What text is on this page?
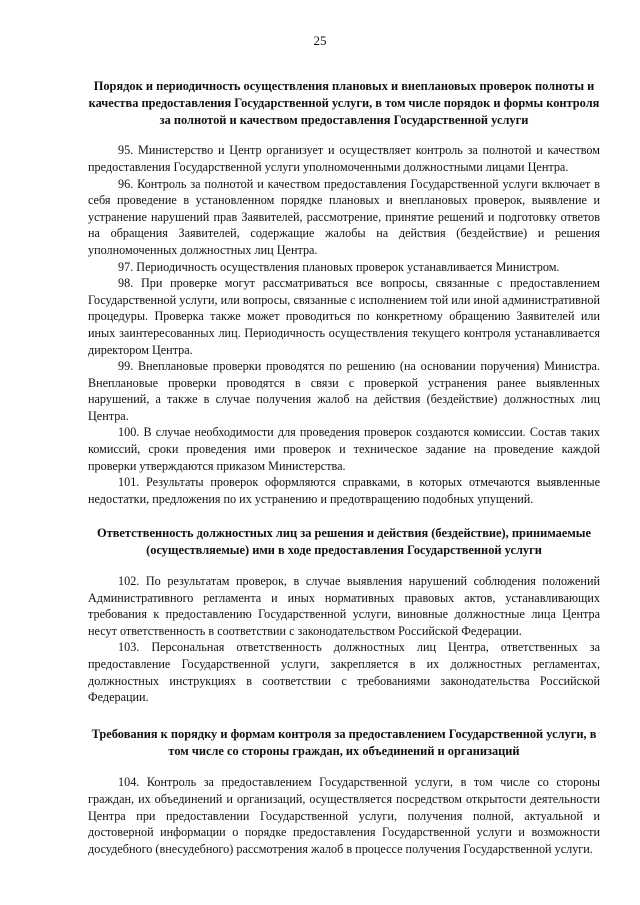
25
Порядок и периодичность осуществления плановых и внеплановых проверок полноты и качества предоставления Государственной услуги, в том числе порядок и формы контроля за полнотой и качеством предоставления Государственной услуги

95. Министерство и Центр организует и осуществляет контроль за полнотой и качеством предоставления Государственной услуги уполномоченными должностными лицами Центра.

96. Контроль за полнотой и качеством предоставления Государственной услуги включает в себя проведение в установленном порядке плановых и внеплановых проверок, выявление и устранение нарушений прав Заявителей, рассмотрение, принятие решений и подготовку ответов на обращения Заявителей, содержащие жалобы на действия (бездействие) и решения уполномоченных должностных лиц Центра.

97. Периодичность осуществления плановых проверок устанавливается Министром.

98. При проверке могут рассматриваться все вопросы, связанные с предоставлением Государственной услуги, или вопросы, связанные с исполнением той или иной административной процедуры. Проверка также может проводиться по конкретному обращению Заявителей или иных заинтересованных лиц. Периодичность осуществления текущего контроля устанавливается директором Центра.

99. Внеплановые проверки проводятся по решению (на основании поручения) Министра. Внеплановые проверки проводятся в связи с проверкой устранения ранее выявленных нарушений, а также в случае получения жалоб на действия (бездействие) должностных лиц Центра.

100. В случае необходимости для проведения проверок создаются комиссии. Состав таких комиссий, сроки проведения ими проверок и техническое задание на проведение каждой проверки утверждаются приказом Министерства.

101. Результаты проверок оформляются справками, в которых отмечаются выявленные недостатки, предложения по их устранению и предотвращению подобных упущений.

Ответственность должностных лиц за решения и действия (бездействие), принимаемые (осуществляемые) ими в ходе предоставления Государственной услуги

102. По результатам проверок, в случае выявления нарушений соблюдения положений Административного регламента и иных нормативных правовых актов, устанавливающих требования к предоставлению Государственной услуги, виновные должностные лица Центра несут ответственность в соответствии с законодательством Российской Федерации.

103. Персональная ответственность должностных лиц Центра, ответственных за предоставление Государственной услуги, закрепляется в их должностных регламентах, должностных инструкциях в соответствии с требованиями законодательства Российской Федерации.

Требования к порядку и формам контроля за предоставлением Государственной услуги, в том числе со стороны граждан, их объединений и организаций

104. Контроль за предоставлением Государственной услуги, в том числе со стороны граждан, их объединений и организаций, осуществляется посредством открытости деятельности Центра при предоставлении Государственной услуги, получения полной, актуальной и достоверной информации о порядке предоставления Государственной услуги и возможности досудебного (внесудебного) рассмотрения жалоб в процессе получения Государственной услуги.
